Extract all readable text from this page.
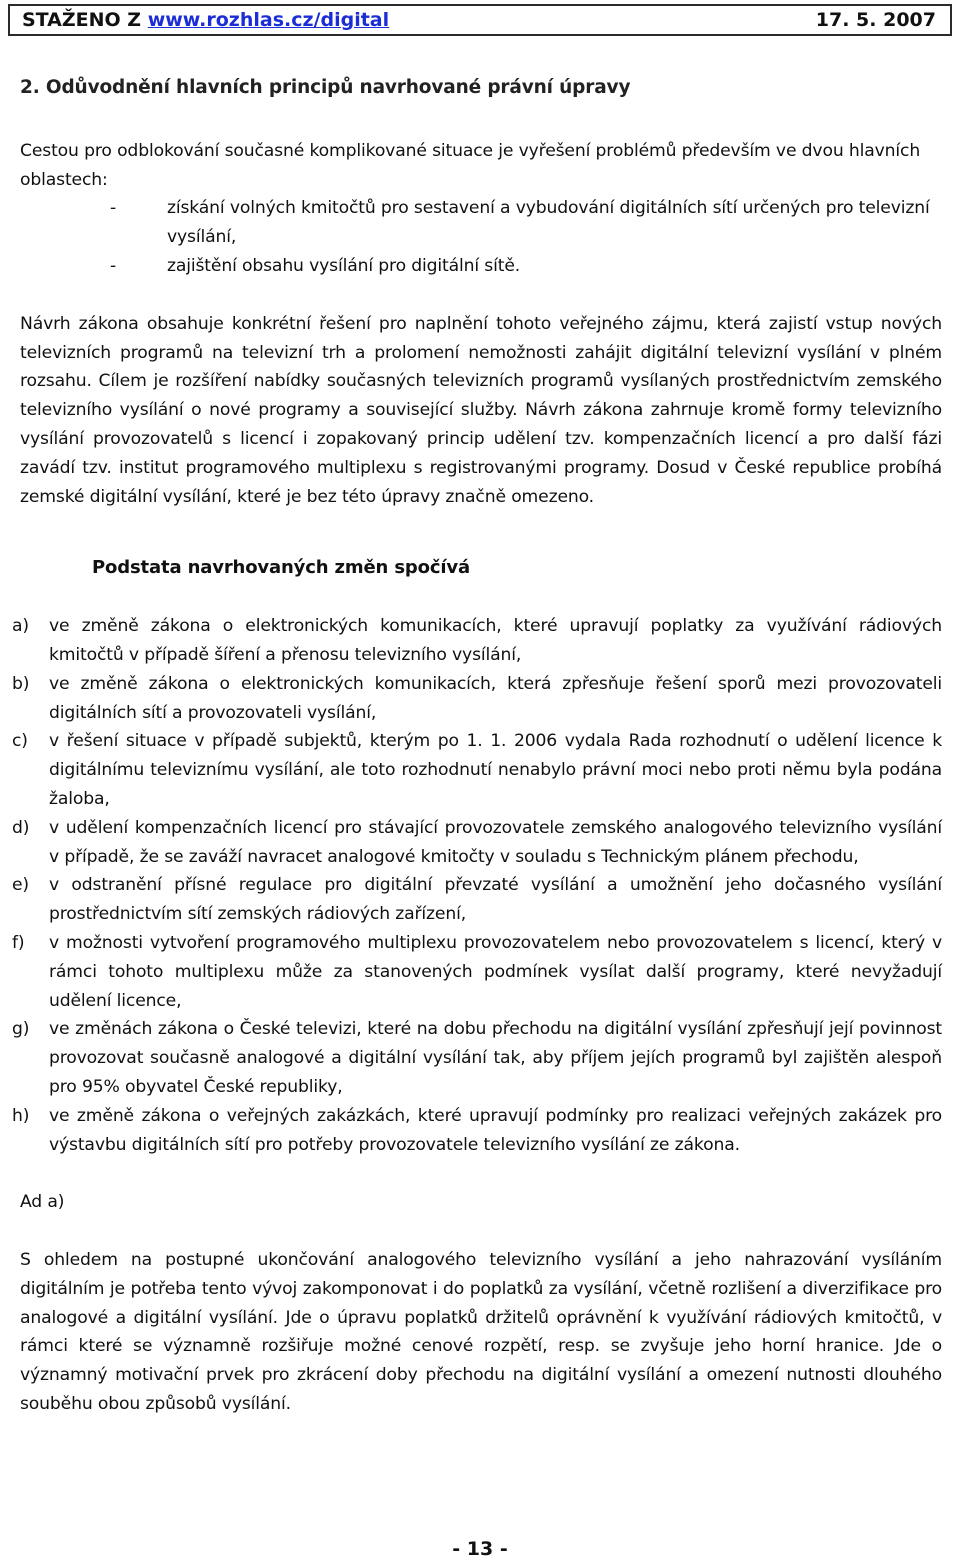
STAŽENO Z www.rozhlas.cz/digital	17. 5. 2007

2. Odůvodnění hlavních principů navrhované právní úpravy

Cestou pro odblokování současné komplikované situace je vyřešení problémů především ve dvou hlavních oblastech:

-	získání volných kmitočtů pro sestavení a vybudování digitálních sítí určených pro televizní vysílání,
-	zajištění obsahu vysílání pro digitální sítě.

Návrh zákona obsahuje konkrétní řešení pro naplnění tohoto veřejného zájmu, která zajistí vstup nových televizních programů na televizní trh a prolomení nemožnosti zahájit digitální televizní vysílání v plném rozsahu. Cílem je rozšíření nabídky současných televizních programů vysílaných prostřednictvím zemského televizního vysílání o nové programy a související služby. Návrh zákona zahrnuje kromě formy televizního vysílání provozovatelů s licencí i zopakovaný princip udělení tzv. kompenzačních licencí a pro další fázi zavádí tzv. institut programového multiplexu s registrovanými programy. Dosud v České republice probíhá zemské digitální vysílání, které je bez této úpravy značně omezeno.

Podstata navrhovaných změn spočívá

a) ve změně zákona o elektronických komunikacích, které upravují poplatky za využívání rádiových kmitočtů v případě šíření a přenosu televizního vysílání,
b) ve změně zákona o elektronických komunikacích, která zpřesňuje řešení sporů mezi provozovateli digitálních sítí a provozovateli vysílání,
c) v řešení situace v případě subjektů, kterým po 1. 1. 2006 vydala Rada rozhodnutí o udělení licence k digitálnímu televiznímu vysílání, ale toto rozhodnutí nenabylo právní moci nebo proti němu byla podána žaloba,
d) v udělení kompenzačních licencí pro stávající provozovatele zemského analogového televizního vysílání v případě, že se zaváží navracet analogové kmitočty v souladu s Technickým plánem přechodu,
e) v odstranění přísné regulace pro digitální převzaté vysílání a umožnění jeho dočasného vysílání prostřednictvím sítí zemských rádiových zařízení,
f) v možnosti vytvoření programového multiplexu provozovatelem nebo provozovatelem s licencí, který v rámci tohoto multiplexu může za stanovených podmínek vysílat další programy, které nevyžadují udělení licence,
g) ve změnách zákona o České televizi, které na dobu přechodu na digitální vysílání zpřesňují její povinnost provozovat současně analogové a digitální vysílání tak, aby příjem jejích programů byl zajištěn alespoň pro 95% obyvatel České republiky,
h) ve změně zákona o veřejných zakázkách, které upravují podmínky pro realizaci veřejných zakázek pro výstavbu digitálních sítí pro potřeby provozovatele televizního vysílání ze zákona.

Ad a)

S ohledem na postupné ukončování analogového televizního vysílání a jeho nahrazování vysíláním digitálním je potřeba tento vývoj zakomponovat i do poplatků za vysílání, včetně rozlišení a diverzifikace pro analogové a digitální vysílání. Jde o úpravu poplatků držitelů oprávnění k využívání rádiových kmitočtů, v rámci které se významně rozšiřuje možné cenové rozpětí, resp. se zvyšuje jeho horní hranice. Jde o významný motivační prvek pro zkrácení doby přechodu na digitální vysílání a omezení nutnosti dlouhého souběhu obou způsobů vysílání.

- 13 -
